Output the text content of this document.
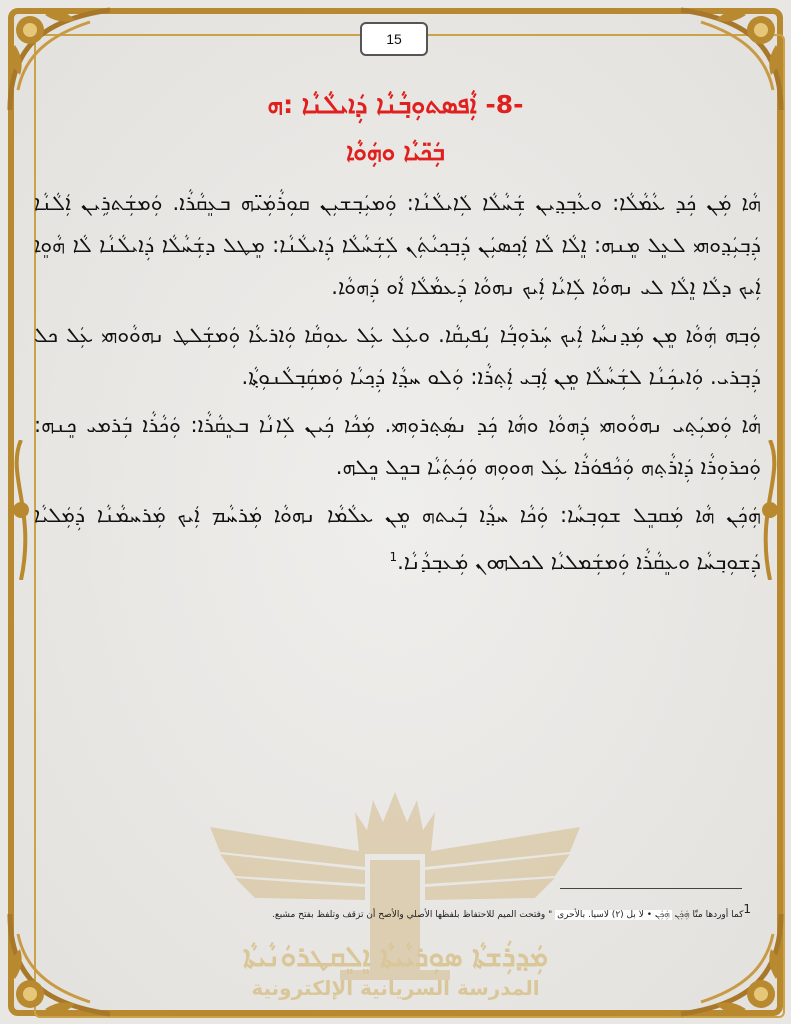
ܡܲܕ݂ܪܲܫܬܵܐ ܣܘܼܪܝܵܝܬܵܐ ܐܸܠܸܩܛܪܘܿܢܵܝܬܵܐ
المدرسة السريانية الإلكترونية
15
-8- ܐܼܵܦܣܬܘܼܒ݂ܵܢܵܐ ܕܲܐܝܠܵܢܵܐ :ܗ
ܒܲܟ̈ܝܵܐ ܘܗܲܘܵܐ

ܗܵܐ ܡܲܢ ܟܲܕ ܥܵܡܵܠܵܐ: ܘܥܵܒ݂ܕ݂ܝܢ ܫܲܚܵܠܵܐ ܠܲܐܝܠܵܢܵܐ: ܘܲܡܝܲܒ݂ܫܝܼܢ ܩܘܼܪܵܡܲܝ̈ܗ ܒܥܸܩܵܪܵܐ. ܘܲܡܫܲܬܪܹܝܢ ܐܲܠܵܢܵܐ ܕܲܒ݂ܝܲܕ݂ܘܗܝ ܠܥܸܠ ܡܸܢܗ: ܐܸܠܵܐ ܠܵܐ ܐܲܟ݂ܣܝܲܢ ܕܲܒ݂ܟ݂ܝܵܬܲܢ ܠܲܫܲܚܵܠܵܐ ܕܲܐܝܠܵܢܵܐ: ܡܸܛܠ ܕܫܲܚܵܠܵܐ ܕܲܐܝܠܵܢܵܐ ܠܵܐ ܗܵܘܸܐ ܐܲܝܟ ܕܠܵܐ ܐܸܠܵܐ ܠܝ ܢܗܘܵܐ ܠܲܐܝܵܐ ܐܲܝܟ ܢܗܘܵܐ ܕܲܥܡܵܠܵܐ ܐܵܘ ܕܲܗܘܵܐ.

ܘܲܒ݂ܗ ܗܲܘܵܐ ܡܸܢ ܡܲܕ݂ܢܚܵܐ ܐܲܝܟ ܚܲܪܘܼܒ݂ܵܐ ܢܲܦܝܼܩܵܐ. ܘܥܲܠ ܥܲܠ ܥܘܼܩܵܐ ܘܲܐܪܥܵܐ ܘܲܡܫܲܠܛ ܢܗܘܵܘܗܝ ܥܲܠ ܟܠ ܕܲܒ݂ܪܝ. ܘܲܐܝܟܲܢܵܐ ܠܫܲܚܵܠܵܐ ܡܸܢ ܐܲܒ݂ܝ ܐܲܬ݂ܪܵܐ: ܘܲܠܘ ܚܕ݂ܵܐ ܕܲܟ݂ܝܵܐ ܘܲܡܩܲܒ݂ܠܵܢܘܼܬ݂ܵܐ.

ܗܵܐ ܘܲܡܝܲܬ݂ܝ ܢܗܘܵܘܗܝ ܕܲܗܘܵܐ ܘܗܵܐ ܟܲܕ ܢܣܲܬ݂ܪܘܼܗܝ. ܡܲܟܵܐ ܟܲܝܢ ܠܲܐܢܵܐ ܒܥܸܩܵܪܵܐ: ܘܲܟܵܪܵܐ ܒܲܪܡܝ ܟܸܢܗ: ܘܲܟܪܘܼܪܵܐ ܕܲܐܪܵܬ݂ܗ ܘܲܟܵܦܘܿܪܵܐ ܥܲܠ ܗܘܘܼܗ ܘܲܟܲܬܲܝܵܐ ܒܟܸܠ ܟܸܠܗ.

ܗܲܟܲܢ ܗܵܐ ܡܲܩܒܸܠ ܫܘܼܒ݂ܚܵܐ: ܘܲܟܵܐ ܚܕ݂ܵܐ ܒܲܝܬܗ ܡܸܢ ܥܠܵܡܵܐ ܢܗܘܵܐ ܡܲܪܚܵܡ ܐܲܝܟ ܡܲܪܚܡܵܢܵܐ ܕܲܡܲܠܝܵܐ ܕܲܫܘܼܒ݂ܚܵܐ ܘܥܸܩܵܪܵܐ ܘܲܡܫܲܡܠܝܵܐ ܠܟܠܗܘܢ ܡܲܥܒ݂ܕܵܢܵܐ.$^1$

$^1$كما أوردها متّا ܗܲܟܲܢ ܗܲܟܲܢ • لا بل (٢) لاسيا. بالأحرى " وفتحت الميم للاحتفاظ بلفظها الأصلي والأصح أن تزقف وتلفظ بفتح مشبع.
